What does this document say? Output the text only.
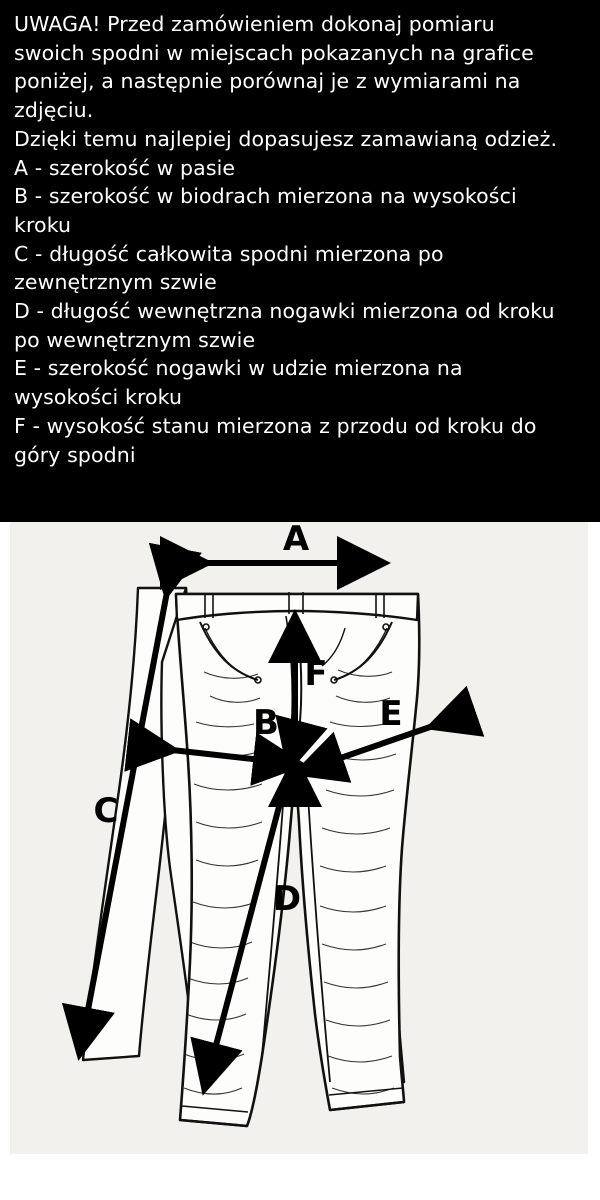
UWAGA! Przed zamówieniem dokonaj pomiaru

swoich spodni w miejscach pokazanych na grafice

poniżej, a następnie porównaj je z wymiarami na

zdjęciu.

Dzięki temu najlepiej dopasujesz zamawianą odzież.

A - szerokość w pasie

B - szerokość w biodrach mierzona na wysokości

kroku

C - długość całkowita spodni mierzona po

zewnętrznym szwie

D - długość wewnętrzna nogawki mierzona od kroku

po wewnętrznym szwie

E - szerokość nogawki w udzie mierzona na

wysokości kroku

F - wysokość stanu mierzona z przodu od kroku do

góry spodni

A
B
C
D
E
F
